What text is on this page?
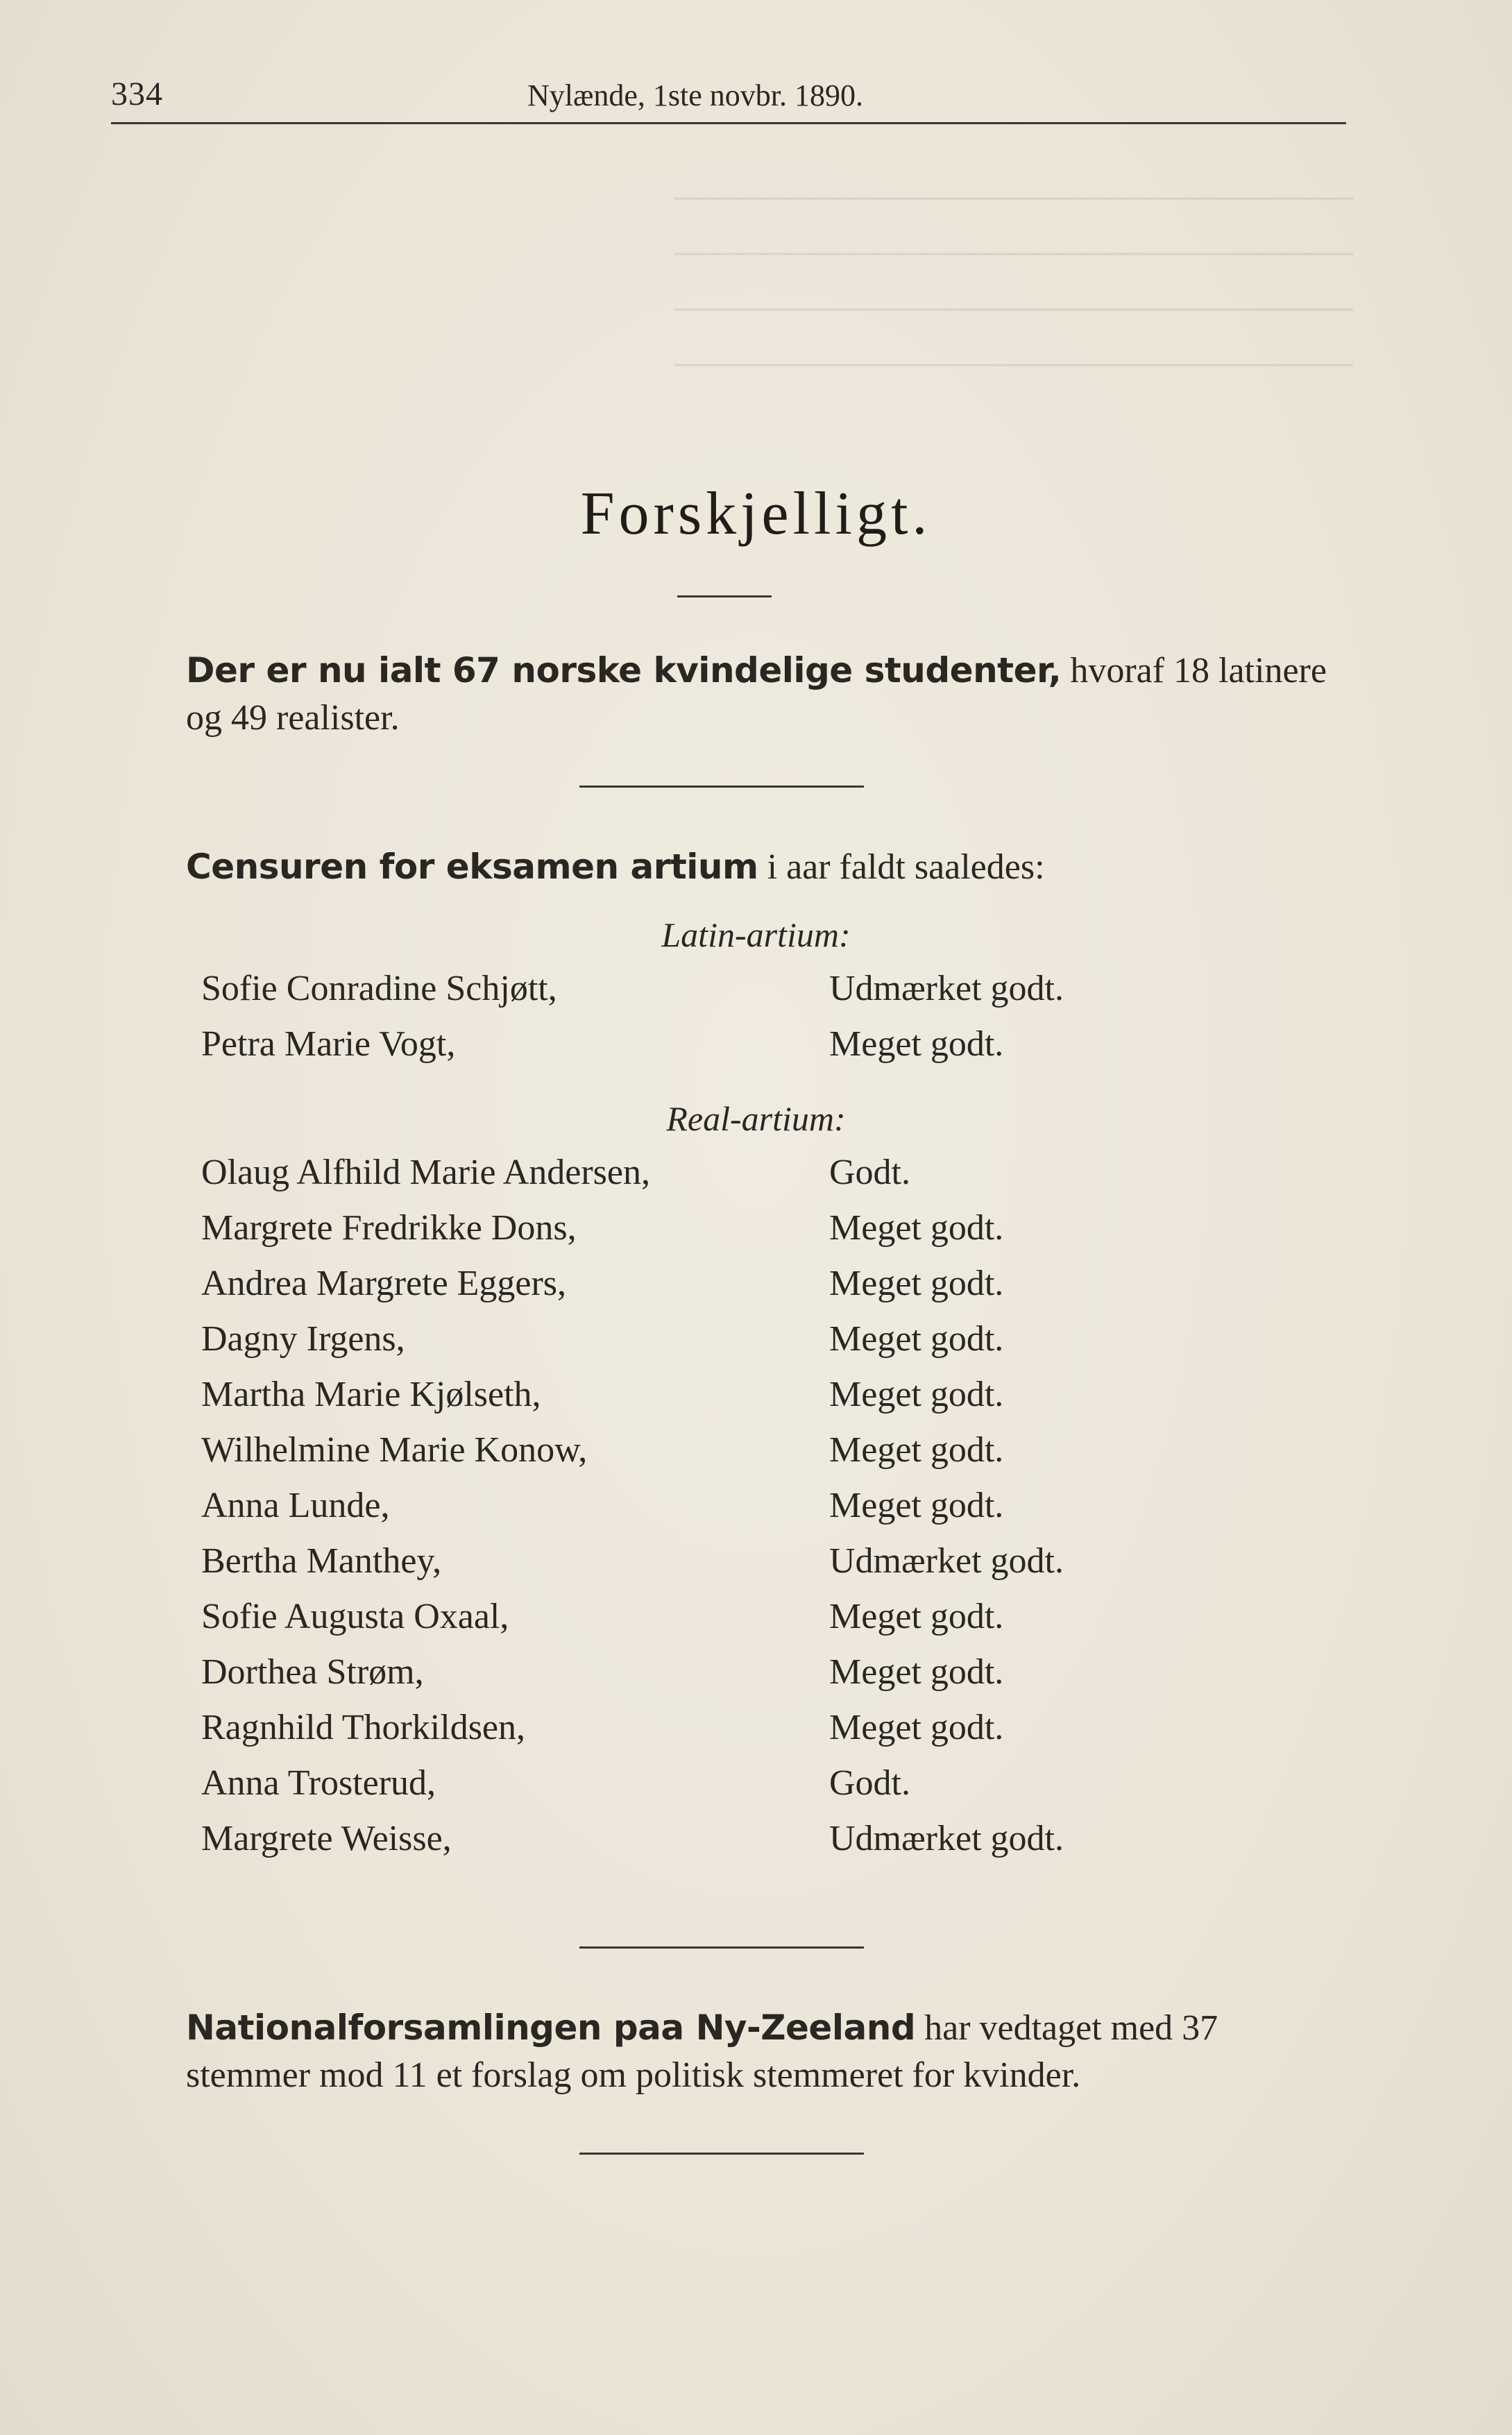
──────────────────────────────
──────────────────────────────
──────────────────────────────
──────────────────────────────
334	Nylænde, 1ste novbr. 1890.
Forskjelligt.
Der er nu ialt 67 norske kvindelige studenter, hvoraf 18 latinere og 49 realister.
Censuren for eksamen artium i aar faldt saaledes:
Latin-artium:
Sofie Conradine Schjøtt,	Udmærket godt.
Petra Marie Vogt,	Meget godt.
Real-artium:
Olaug Alfhild Marie Andersen,	Godt.
Margrete Fredrikke Dons,	Meget godt.
Andrea Margrete Eggers,	Meget godt.
Dagny Irgens,	Meget godt.
Martha Marie Kjølseth,	Meget godt.
Wilhelmine Marie Konow,	Meget godt.
Anna Lunde,	Meget godt.
Bertha Manthey,	Udmærket godt.
Sofie Augusta Oxaal,	Meget godt.
Dorthea Strøm,	Meget godt.
Ragnhild Thorkildsen,	Meget godt.
Anna Trosterud,	Godt.
Margrete Weisse,	Udmærket godt.
Nationalforsamlingen paa Ny-Zeeland har vedtaget med 37 stemmer mod 11 et forslag om politisk stemmeret for kvinder.
